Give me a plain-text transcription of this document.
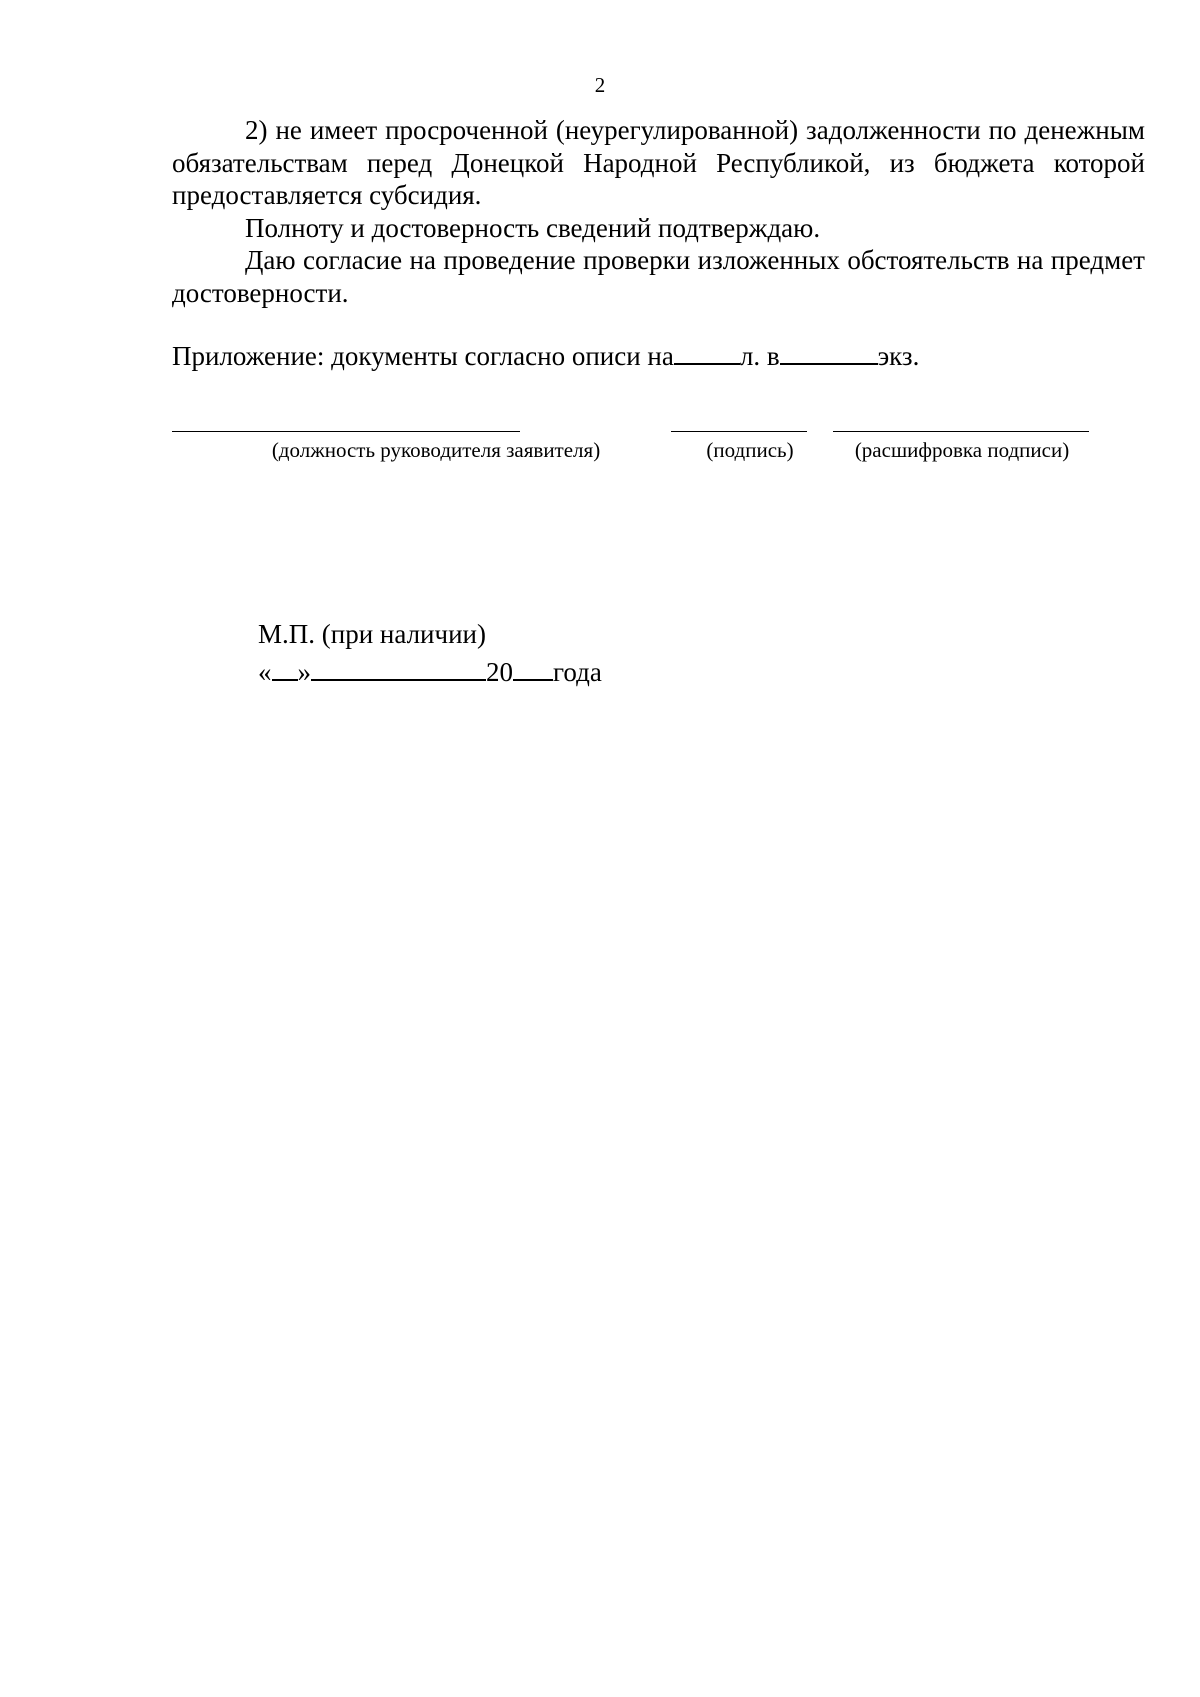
2

2) не имеет просроченной (неурегулированной) задолженности по денежным обязательствам перед Донецкой Народной Республикой, из бюджета которой предоставляется субсидия.

Полноту и достоверность сведений подтверждаю.

Даю согласие на проведение проверки изложенных обстоятельств на предмет достоверности.

Приложение: документы согласно описи на л. в	экз.
(должность руководителя заявителя)	(подпись)	(расшифровка подписи)
М.П. (при наличии)
« »	20 года
